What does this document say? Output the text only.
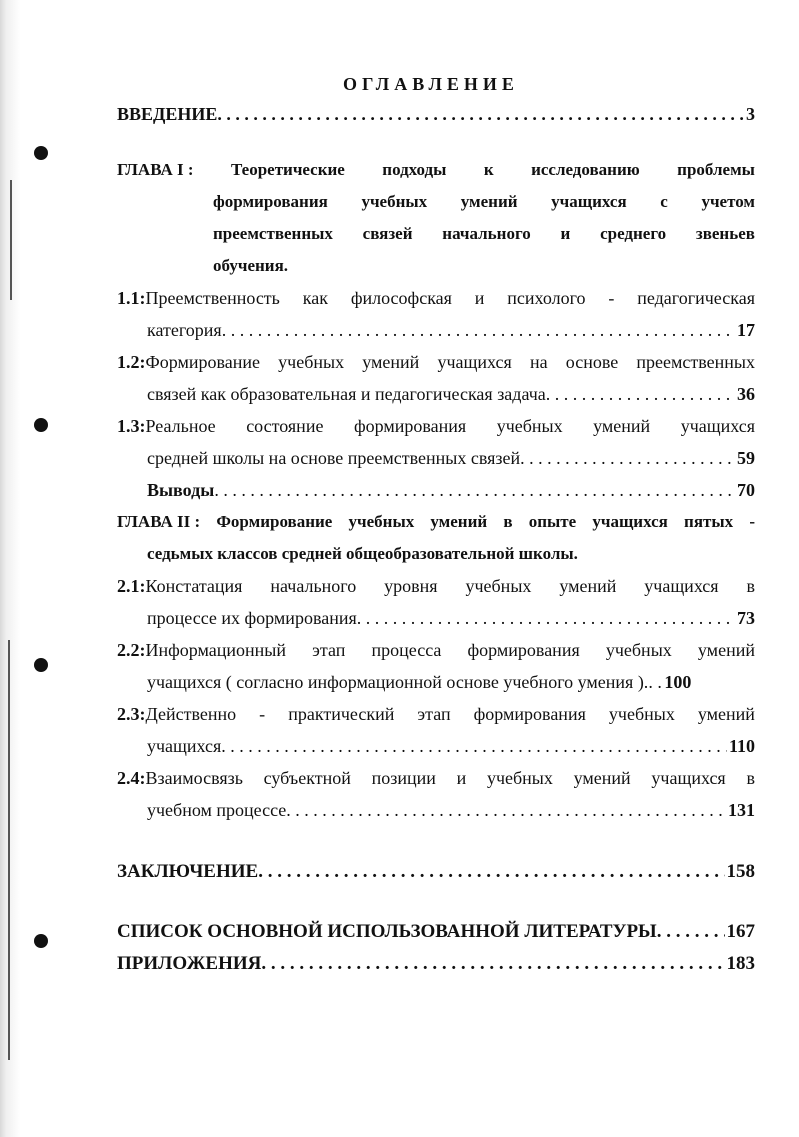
ОГЛАВЛЕНИЕ
ВВЕДЕНИЕ . . .	3
ГЛАВА I : Теоретические подходы к исследованию проблемы
формирования учебных умений учащихся с учетом
преемственных связей начального и среднего звеньев
обучения.
1.1:Преемственность как философская и психолого - педагогическая
категория . . .	17
1.2:Формирование учебных умений учащихся на основе преемственных
связей как образовательная и педагогическая задача . . .	36
1.3:Реальное состояние формирования учебных умений учащихся
средней школы на основе преемственных связей . . .	59
Выводы . . .	70
ГЛАВА II : Формирование учебных умений в опыте учащихся пятых -
седьмых классов средней общеобразовательной школы.
2.1:Констатация начального уровня учебных умений учащихся в
процессе их формирования . . .	73
2.2:Информационный этап процесса формирования учебных умений
учащихся ( согласно информационной основе учебного умения ). . . . 100
2.3:Действенно - практический этап формирования учебных умений
учащихся . . .	110
2.4:Взаимосвязь субъектной позиции и учебных умений учащихся в
учебном процессе . . .	131
ЗАКЛЮЧЕНИЕ . . .	158
СПИСОК ОСНОВНОЙ ИСПОЛЬЗОВАННОЙ ЛИТЕРАТУРЫ . . .	167
ПРИЛОЖЕНИЯ . . .	183
